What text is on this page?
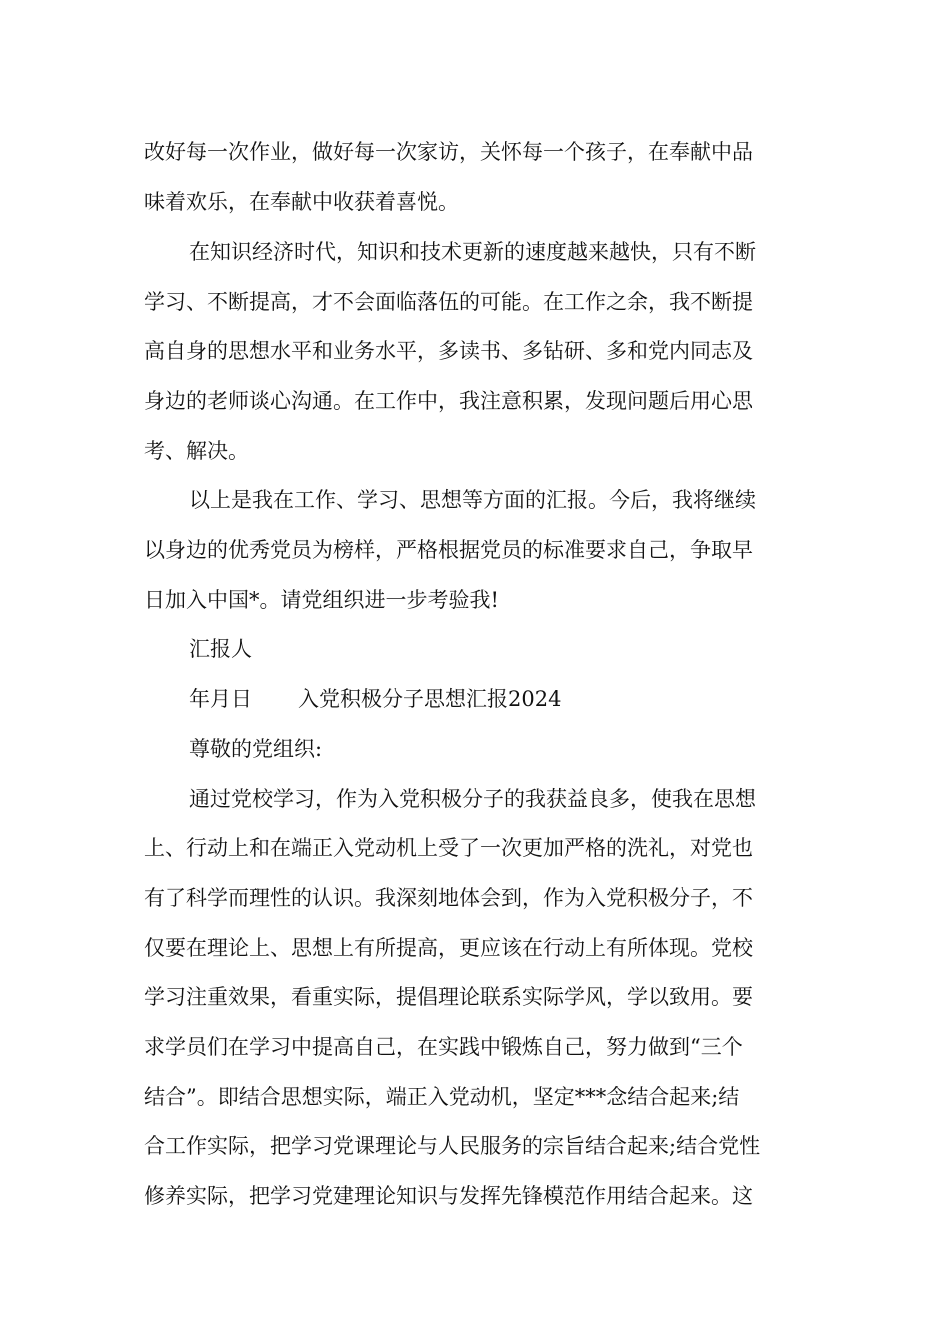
改好每一次作业，做好每一次家访，关怀每一个孩子，在奉献中品
味着欢乐，在奉献中收获着喜悦。
在知识经济时代，知识和技术更新的速度越来越快，只有不断
学习、不断提高，才不会面临落伍的可能。在工作之余，我不断提
高自身的思想水平和业务水平，多读书、多钻研、多和党内同志及
身边的老师谈心沟通。在工作中，我注意积累，发现问题后用心思
考、解决。
以上是我在工作、学习、思想等方面的汇报。今后，我将继续
以身边的优秀党员为榜样，严格根据党员的标准要求自己，争取早
日加入中国*。请党组织进一步考验我!
汇报人
年月日 入党积极分子思想汇报2024
尊敬的党组织:
通过党校学习，作为入党积极分子的我获益良多，使我在思想
上、行动上和在端正入党动机上受了一次更加严格的洗礼，对党也
有了科学而理性的认识。我深刻地体会到，作为入党积极分子，不
仅要在理论上、思想上有所提高，更应该在行动上有所体现。党校
学习注重效果，看重实际，提倡理论联系实际学风，学以致用。要
求学员们在学习中提高自己，在实践中锻炼自己，努力做到“三个
结合”。即结合思想实际，端正入党动机，坚定***念结合起来;结
合工作实际，把学习党课理论与人民服务的宗旨结合起来;结合党性
修养实际，把学习党建理论知识与发挥先锋模范作用结合起来。这
